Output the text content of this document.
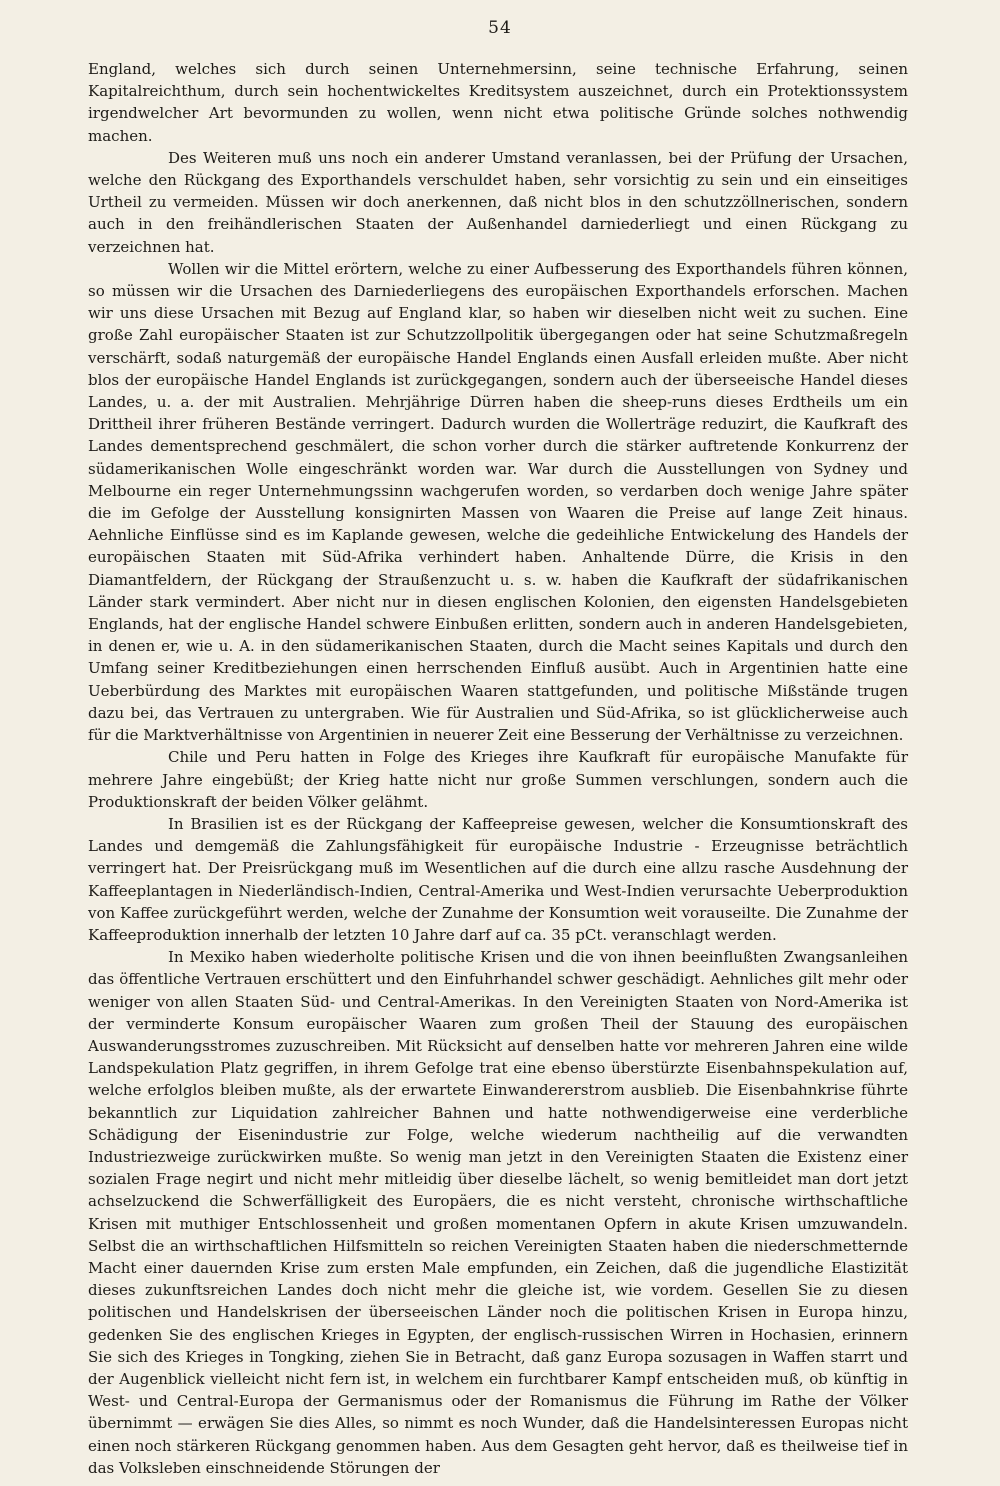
54

England, welches sich durch seinen Unternehmersinn, seine technische Erfahrung, seinen Kapitalreichthum, durch sein hochentwickeltes Kreditsystem auszeichnet, durch ein Protektionssystem irgendwelcher Art bevormunden zu wollen, wenn nicht etwa politische Gründe solches nothwendig machen.

Des Weiteren muß uns noch ein anderer Umstand veranlassen, bei der Prüfung der Ursachen, welche den Rückgang des Exporthandels verschuldet haben, sehr vorsichtig zu sein und ein einseitiges Urtheil zu vermeiden. Müssen wir doch anerkennen, daß nicht blos in den schutzzöllnerischen, sondern auch in den freihändlerischen Staaten der Außenhandel darniederliegt und einen Rückgang zu verzeichnen hat.

Wollen wir die Mittel erörtern, welche zu einer Aufbesserung des Exporthandels führen können, so müssen wir die Ursachen des Darniederliegens des europäischen Exporthandels erforschen. Machen wir uns diese Ursachen mit Bezug auf England klar, so haben wir dieselben nicht weit zu suchen. Eine große Zahl europäischer Staaten ist zur Schutzzollpolitik übergegangen oder hat seine Schutzmaßregeln verschärft, sodaß naturgemäß der europäische Handel Englands einen Ausfall erleiden mußte. Aber nicht blos der europäische Handel Englands ist zurückgegangen, sondern auch der überseeische Handel dieses Landes, u. a. der mit Australien. Mehrjährige Dürren haben die sheep-runs dieses Erdtheils um ein Drittheil ihrer früheren Bestände verringert. Dadurch wurden die Wollerträge reduzirt, die Kaufkraft des Landes dementsprechend geschmälert, die schon vorher durch die stärker auftretende Konkurrenz der südamerikanischen Wolle eingeschränkt worden war. War durch die Ausstellungen von Sydney und Melbourne ein reger Unternehmungssinn wachgerufen worden, so verdarben doch wenige Jahre später die im Gefolge der Ausstellung konsignirten Massen von Waaren die Preise auf lange Zeit hinaus. Aehnliche Einflüsse sind es im Kaplande gewesen, welche die gedeihliche Entwickelung des Handels der europäischen Staaten mit Süd-Afrika verhindert haben. Anhaltende Dürre, die Krisis in den Diamantfeldern, der Rückgang der Straußenzucht u. s. w. haben die Kaufkraft der südafrikanischen Länder stark vermindert. Aber nicht nur in diesen englischen Kolonien, den eigensten Handelsgebieten Englands, hat der englische Handel schwere Einbußen erlitten, sondern auch in anderen Handelsgebieten, in denen er, wie u. A. in den südamerikanischen Staaten, durch die Macht seines Kapitals und durch den Umfang seiner Kreditbeziehungen einen herrschenden Einfluß ausübt. Auch in Argentinien hatte eine Ueberbürdung des Marktes mit europäischen Waaren stattgefunden, und politische Mißstände trugen dazu bei, das Vertrauen zu untergraben. Wie für Australien und Süd-Afrika, so ist glücklicherweise auch für die Marktverhältnisse von Argentinien in neuerer Zeit eine Besserung der Verhältnisse zu verzeichnen.

Chile und Peru hatten in Folge des Krieges ihre Kaufkraft für europäische Manufakte für mehrere Jahre eingebüßt; der Krieg hatte nicht nur große Summen verschlungen, sondern auch die Produktionskraft der beiden Völker gelähmt.

In Brasilien ist es der Rückgang der Kaffeepreise gewesen, welcher die Konsumtionskraft des Landes und demgemäß die Zahlungsfähigkeit für europäische Industrie - Erzeugnisse beträchtlich verringert hat. Der Preisrückgang muß im Wesentlichen auf die durch eine allzu rasche Ausdehnung der Kaffeeplantagen in Niederländisch-Indien, Central-Amerika und West-Indien verursachte Ueberproduktion von Kaffee zurückgeführt werden, welche der Zunahme der Konsumtion weit vorauseilte. Die Zunahme der Kaffeeproduktion innerhalb der letzten 10 Jahre darf auf ca. 35 pCt. veranschlagt werden.

In Mexiko haben wiederholte politische Krisen und die von ihnen beeinflußten Zwangsanleihen das öffentliche Vertrauen erschüttert und den Einfuhrhandel schwer geschädigt. Aehnliches gilt mehr oder weniger von allen Staaten Süd- und Central-Amerikas. In den Vereinigten Staaten von Nord-Amerika ist der verminderte Konsum europäischer Waaren zum großen Theil der Stauung des europäischen Auswanderungsstromes zuzuschreiben. Mit Rücksicht auf denselben hatte vor mehreren Jahren eine wilde Landspekulation Platz gegriffen, in ihrem Gefolge trat eine ebenso überstürzte Eisenbahnspekulation auf, welche erfolglos bleiben mußte, als der erwartete Einwandererstrom ausblieb. Die Eisenbahnkrise führte bekanntlich zur Liquidation zahlreicher Bahnen und hatte nothwendigerweise eine verderbliche Schädigung der Eisenindustrie zur Folge, welche wiederum nachtheilig auf die verwandten Industriezweige zurückwirken mußte. So wenig man jetzt in den Vereinigten Staaten die Existenz einer sozialen Frage negirt und nicht mehr mitleidig über dieselbe lächelt, so wenig bemitleidet man dort jetzt achselzuckend die Schwerfälligkeit des Europäers, die es nicht versteht, chronische wirthschaftliche Krisen mit muthiger Entschlossenheit und großen momentanen Opfern in akute Krisen umzuwandeln. Selbst die an wirthschaftlichen Hilfsmitteln so reichen Vereinigten Staaten haben die niederschmetternde Macht einer dauernden Krise zum ersten Male empfunden, ein Zeichen, daß die jugendliche Elastizität dieses zukunftsreichen Landes doch nicht mehr die gleiche ist, wie vordem. Gesellen Sie zu diesen politischen und Handelskrisen der überseeischen Länder noch die politischen Krisen in Europa hinzu, gedenken Sie des englischen Krieges in Egypten, der englisch-russischen Wirren in Hochasien, erinnern Sie sich des Krieges in Tongking, ziehen Sie in Betracht, daß ganz Europa sozusagen in Waffen starrt und der Augenblick vielleicht nicht fern ist, in welchem ein furchtbarer Kampf entscheiden muß, ob künftig in West- und Central-Europa der Germanismus oder der Romanismus die Führung im Rathe der Völker übernimmt — erwägen Sie dies Alles, so nimmt es noch Wunder, daß die Handelsinteressen Europas nicht einen noch stärkeren Rückgang genommen haben. Aus dem Gesagten geht hervor, daß es theilweise tief in das Volksleben einschneidende Störungen der
